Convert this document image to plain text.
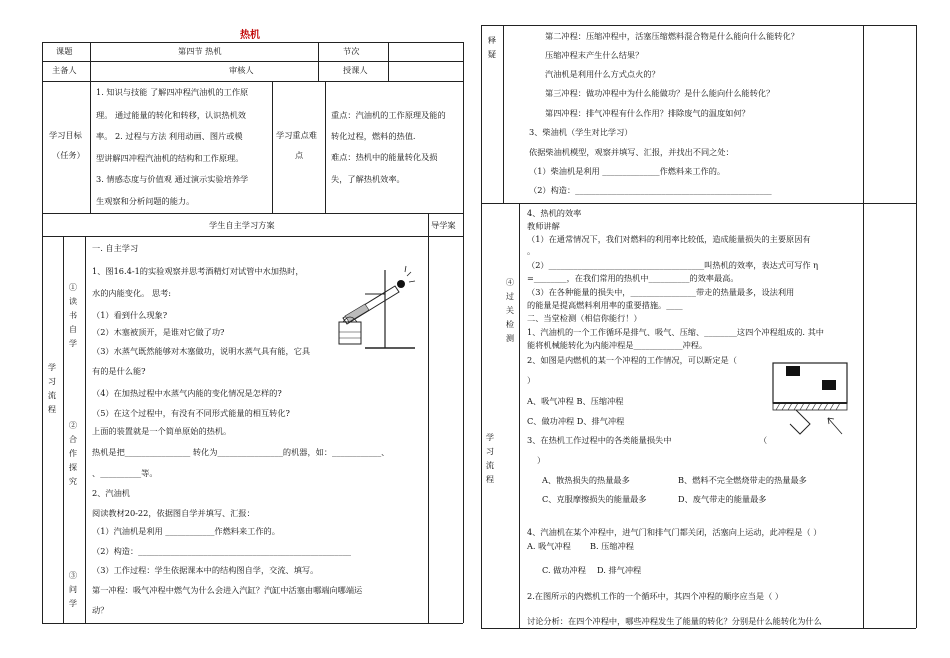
热机
课题	第四节 热机	节次
主备人	审核人	授课人
学习目标
（任务）
1. 知识与技能 了解四冲程汽油机的工作原
理。 通过能量的转化和转移，认识热机效
率。 2. 过程与方法 利用动画、图片或模
型讲解四冲程汽油机的结构和工作原理。
3. 情感态度与价值观 通过演示实验培养学
生观察和分析问题的能力。
学习重点难
点
重点：汽油机的工作原理及能的
转化过程，燃料的热值.
难点：热机中的能量转化及损
失，了解热机效率。
学生自主学习方案	导学案
学习流程
①读书自学
②合作探究
③问学
一. 自主学习
1、图16.4-1的实验观察并思考酒精灯对试管中水加热时，
水的内能变化。 思考:
（1）看到什么现象?
（2）木塞被顶开，是谁对它做了功?
（3）水蒸气既然能够对木塞做功，说明水蒸气具有能，它具
有的是什么能?
（4）在加热过程中水蒸气内能的变化情况是怎样的?
（5）在这个过程中，有没有不同形式能量的相互转化?
上面的装置就是一个简单原始的热机。
热机是把________________ 转化为________________的机器，如：____________、
、__________等。
2、汽油机
阅读教材20-22，依据图自学并填写、汇报：
（1）汽油机是利用 ____________作燃料来工作的。
（2）构造：____________________________________________________
（3）工作过程：学生依据课本中的结构图自学，交流、填写。
第一冲程：吸气冲程中燃气为什么会进入汽缸？汽缸中活塞由哪端向哪端运
动？
释疑
④过关检测
学习流程
第二冲程：压缩冲程中，活塞压缩燃料混合物是什么能向什么能转化？
压缩冲程末产生什么结果？
汽油机是利用什么方式点火的？
第三冲程：做功冲程中为什么能做功？是什么能向什么能转化？
第四冲程：排气冲程有什么作用？排除废气的温度如何？
3、柴油机（学生对比学习）
依据柴油机模型，观察并填写、汇报，并找出不同之处：
（1）柴油机是利用 ______________作燃料来工作的。
（2）构造：________________________________________________
4、热机的效率
教师讲解
（1）在通常情况下，我们对燃料的利用率比较低，造成能量损失的主要原因有
。
（2）______________________________________叫热机的效率，表达式可写作 η
=________，在我们常用的热机中__________的效率最高。
（3）在各种能量的损失中，________________带走的热量最多，设法利用
的能量是提高燃料利用率的重要措施。____
二、当堂检测（相信你能行！）
1、汽油机的一个工作循环是排气、吸气、压缩、________这四个冲程组成的. 其中
能将机械能转化为内能冲程是____________冲程。
2、如图是内燃机的某一个冲程的工作情况，可以断定是（
）
A、吸气冲程 B、压缩冲程
C、做功冲程 D、排气冲程
3、在热机工作过程中的各类能量损失中	（
）
A、散热损失的热量最多	B、燃料不完全燃烧带走的热量最多
C、克服摩擦损失的能量最多	D、废气带走的能量最多
4、汽油机在某个冲程中，进气门和排气门都关闭，活塞向上运动，此冲程是（ ）
A. 吸气冲程 B. 压缩冲程
C. 做功冲程 D. 排气冲程
2.在图所示的内燃机工作的一个循环中，其四个冲程的顺序应当是（ ）
讨论分析：在四个冲程中，哪些冲程发生了能量的转化？分别是什么能转化为什么
